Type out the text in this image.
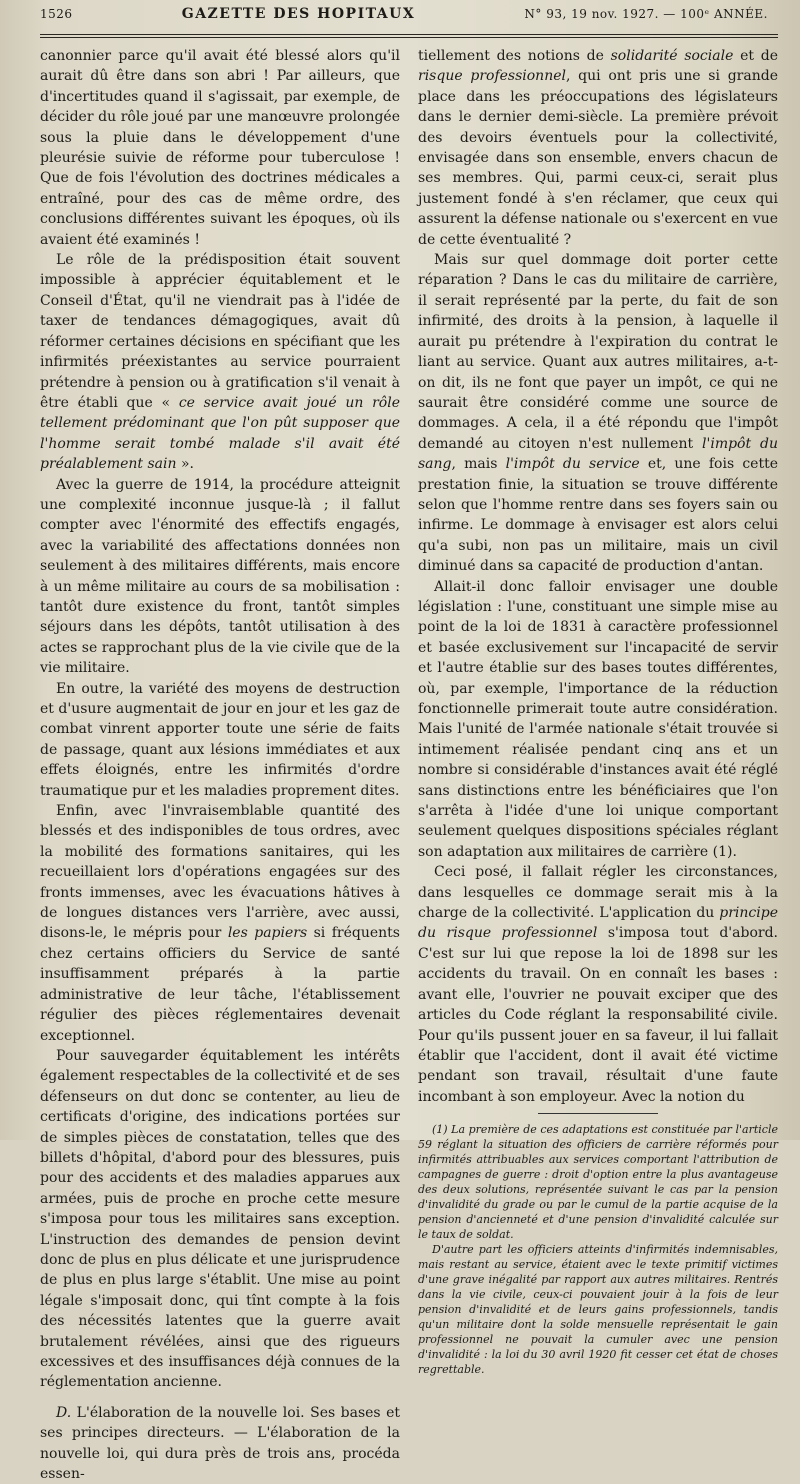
1526	GAZETTE DES HOPITAUX	N° 93, 19 nov. 1927. — 100ᵉ ANNÉE.

canonnier parce qu'il avait été blessé alors qu'il aurait dû être dans son abri ! Par ailleurs, que d'incertitudes quand il s'agissait, par exemple, de décider du rôle joué par une manœuvre prolongée sous la pluie dans le développement d'une pleurésie suivie de réforme pour tuberculose ! Que de fois l'évolution des doctrines médicales a entraîné, pour des cas de même ordre, des conclusions différentes suivant les époques, où ils avaient été examinés !

Le rôle de la prédisposition était souvent impossible à apprécier équitablement et le Conseil d'État, qu'il ne viendrait pas à l'idée de taxer de tendances démagogiques, avait dû réformer certaines décisions en spécifiant que les infirmités préexistantes au service pourraient prétendre à pension ou à gratification s'il venait à être établi que « ce service avait joué un rôle tellement prédominant que l'on pût supposer que l'homme serait tombé malade s'il avait été préalablement sain ».

Avec la guerre de 1914, la procédure atteignit une complexité inconnue jusque-là ; il fallut compter avec l'énormité des effectifs engagés, avec la variabilité des affectations données non seulement à des militaires différents, mais encore à un même militaire au cours de sa mobilisation : tantôt dure existence du front, tantôt simples séjours dans les dépôts, tantôt utilisation à des actes se rapprochant plus de la vie civile que de la vie militaire.

En outre, la variété des moyens de destruction et d'usure augmentait de jour en jour et les gaz de combat vinrent apporter toute une série de faits de passage, quant aux lésions immédiates et aux effets éloignés, entre les infirmités d'ordre traumatique pur et les maladies proprement dites.

Enfin, avec l'invraisemblable quantité des blessés et des indisponibles de tous ordres, avec la mobilité des formations sanitaires, qui les recueillaient lors d'opérations engagées sur des fronts immenses, avec les évacuations hâtives à de longues distances vers l'arrière, avec aussi, disons-le, le mépris pour les papiers si fréquents chez certains officiers du Service de santé insuffisamment préparés à la partie administrative de leur tâche, l'établissement régulier des pièces réglementaires devenait exceptionnel.

Pour sauvegarder équitablement les intérêts également respectables de la collectivité et de ses défenseurs on dut donc se contenter, au lieu de certificats d'origine, des indications portées sur de simples pièces de constatation, telles que des billets d'hôpital, d'abord pour des blessures, puis pour des accidents et des maladies apparues aux armées, puis de proche en proche cette mesure s'imposa pour tous les militaires sans exception. L'instruction des demandes de pension devint donc de plus en plus délicate et une jurisprudence de plus en plus large s'établit. Une mise au point légale s'imposait donc, qui tînt compte à la fois des nécessités latentes que la guerre avait brutalement révélées, ainsi que des rigueurs excessives et des insuffisances déjà connues de la réglementation ancienne.

D. L'élaboration de la nouvelle loi. Ses bases et ses principes directeurs. — L'élaboration de la nouvelle loi, qui dura près de trois ans, procéda essen-

tiellement des notions de solidarité sociale et de risque professionnel, qui ont pris une si grande place dans les préoccupations des législateurs dans le dernier demi-siècle. La première prévoit des devoirs éventuels pour la collectivité, envisagée dans son ensemble, envers chacun de ses membres. Qui, parmi ceux-ci, serait plus justement fondé à s'en réclamer, que ceux qui assurent la défense nationale ou s'exercent en vue de cette éventualité ?

Mais sur quel dommage doit porter cette réparation ? Dans le cas du militaire de carrière, il serait représenté par la perte, du fait de son infirmité, des droits à la pension, à laquelle il aurait pu prétendre à l'expiration du contrat le liant au service. Quant aux autres militaires, a-t-on dit, ils ne font que payer un impôt, ce qui ne saurait être considéré comme une source de dommages. A cela, il a été répondu que l'impôt demandé au citoyen n'est nullement l'impôt du sang, mais l'impôt du service et, une fois cette prestation finie, la situation se trouve différente selon que l'homme rentre dans ses foyers sain ou infirme. Le dommage à envisager est alors celui qu'a subi, non pas un militaire, mais un civil diminué dans sa capacité de production d'antan.

Allait-il donc falloir envisager une double législation : l'une, constituant une simple mise au point de la loi de 1831 à caractère professionnel et basée exclusivement sur l'incapacité de servir et l'autre établie sur des bases toutes différentes, où, par exemple, l'importance de la réduction fonctionnelle primerait toute autre considération. Mais l'unité de l'armée nationale s'était trouvée si intimement réalisée pendant cinq ans et un nombre si considérable d'instances avait été réglé sans distinctions entre les bénéficiaires que l'on s'arrêta à l'idée d'une loi unique comportant seulement quelques dispositions spéciales réglant son adaptation aux militaires de carrière (1).

Ceci posé, il fallait régler les circonstances, dans lesquelles ce dommage serait mis à la charge de la collectivité. L'application du principe du risque professionnel s'imposa tout d'abord. C'est sur lui que repose la loi de 1898 sur les accidents du travail. On en connaît les bases : avant elle, l'ouvrier ne pouvait exciper que des articles du Code réglant la responsabilité civile. Pour qu'ils pussent jouer en sa faveur, il lui fallait établir que l'accident, dont il avait été victime pendant son travail, résultait d'une faute incombant à son employeur. Avec la notion du

(1) La première de ces adaptations est constituée par l'article 59 réglant la situation des officiers de carrière réformés pour infirmités attribuables aux services comportant l'attribution de campagnes de guerre : droit d'option entre la plus avantageuse des deux solutions, représentée suivant le cas par la pension d'invalidité du grade ou par le cumul de la partie acquise de la pension d'ancienneté et d'une pension d'invalidité calculée sur le taux de soldat.

D'autre part les officiers atteints d'infirmités indemnisables, mais restant au service, étaient avec le texte primitif victimes d'une grave inégalité par rapport aux autres militaires. Rentrés dans la vie civile, ceux-ci pouvaient jouir à la fois de leur pension d'invalidité et de leurs gains professionnels, tandis qu'un militaire dont la solde mensuelle représentait le gain professionnel ne pouvait la cumuler avec une pension d'invalidité : la loi du 30 avril 1920 fit cesser cet état de choses regrettable.
